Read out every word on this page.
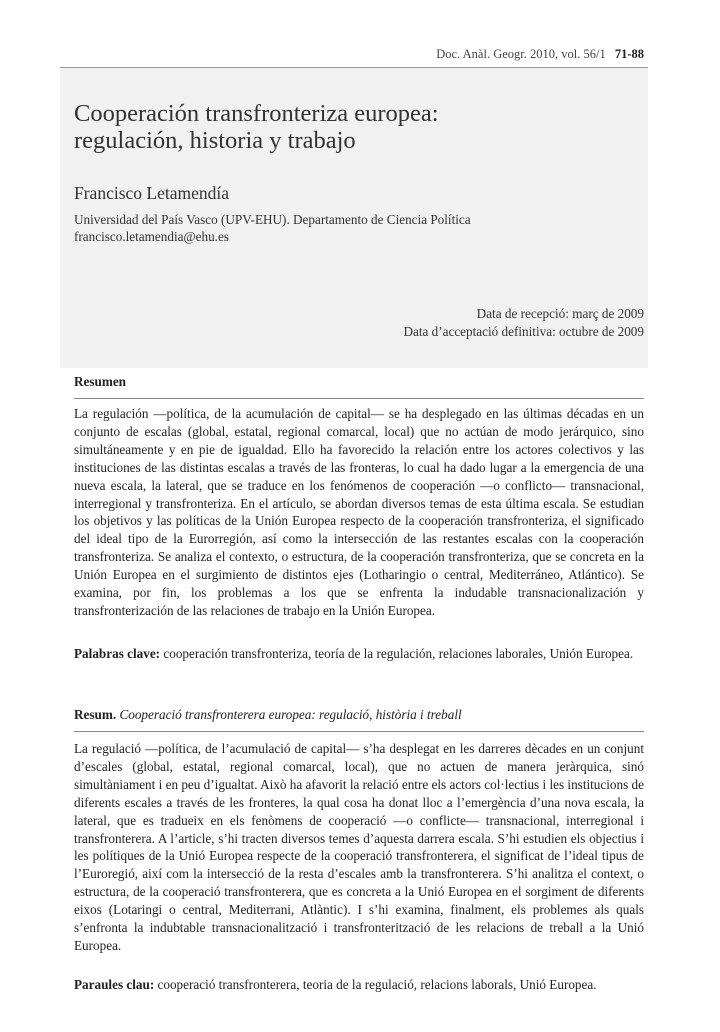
Doc. Anàl. Geogr. 2010, vol. 56/1 71-88
Cooperación transfronteriza europea:
regulación, historia y trabajo
Francisco Letamendía
Universidad del País Vasco (UPV-EHU). Departamento de Ciencia Política
francisco.letamendia@ehu.es
Data de recepció: març de 2009
Data d’acceptació definitiva: octubre de 2009
Resumen
La regulación —política, de la acumulación de capital— se ha desplegado en las últimas décadas en un conjunto de escalas (global, estatal, regional comarcal, local) que no actúan de modo jerárquico, sino simultáneamente y en pie de igualdad. Ello ha favorecido la relación entre los actores colectivos y las instituciones de las distintas escalas a través de las fronteras, lo cual ha dado lugar a la emergencia de una nueva escala, la lateral, que se traduce en los fenómenos de cooperación —o conflicto— transnacional, interregional y transfronteriza. En el artículo, se abordan diversos temas de esta última escala. Se estudian los objetivos y las políticas de la Unión Europea respecto de la cooperación transfronteriza, el significado del ideal tipo de la Eurorregión, así como la intersección de las restantes escalas con la cooperación transfronteriza. Se analiza el contexto, o estructura, de la cooperación transfronteriza, que se concreta en la Unión Europea en el surgimiento de distintos ejes (Lotharingio o central, Mediterráneo, Atlántico). Se examina, por fin, los problemas a los que se enfrenta la indudable transnacionalización y transfronterización de las relaciones de trabajo en la Unión Europea.
Palabras clave: cooperación transfronteriza, teoría de la regulación, relaciones laborales, Unión Europea.
Resum. Cooperació transfronterera europea: regulació, història i treball
La regulació —política, de l’acumulació de capital— s’ha desplegat en les darreres dècades en un conjunt d’escales (global, estatal, regional comarcal, local), que no actuen de manera jeràrquica, sinó simultàniament i en peu d’igualtat. Això ha afavorit la relació entre els actors col·lectius i les institucions de diferents escales a través de les fronteres, la qual cosa ha donat lloc a l’emergència d’una nova escala, la lateral, que es tradueix en els fenòmens de cooperació —o conflicte— transnacional, interregional i transfronterera. A l’article, s’hi tracten diversos temes d’aquesta darrera escala. S’hi estudien els objectius i les polítiques de la Unió Europea respecte de la cooperació transfronterera, el significat de l’ideal tipus de l’Euroregió, així com la intersecció de la resta d’escales amb la transfronterera. S’hi analitza el context, o estructura, de la cooperació transfronterera, que es concreta a la Unió Europea en el sorgiment de diferents eixos (Lotaringi o central, Mediterrani, Atlàntic). I s’hi examina, finalment, els problemes als quals s’enfronta la indubtable transnacionalització i transfronterització de les relacions de treball a la Unió Europea.
Paraules clau: cooperació transfronterera, teoria de la regulació, relacions laborals, Unió Europea.
